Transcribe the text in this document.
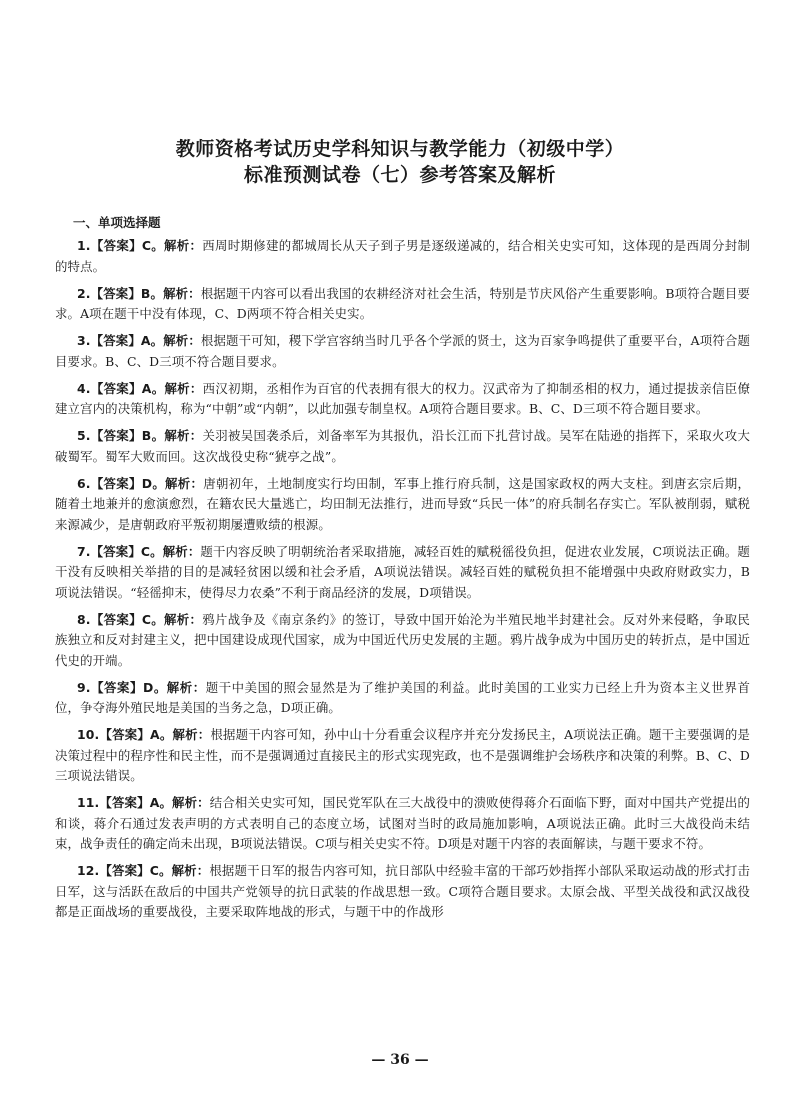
教师资格考试历史学科知识与教学能力（初级中学）
标准预测试卷（七）参考答案及解析
一、单项选择题

1.【答案】C。解析：西周时期修建的都城周长从天子到子男是逐级递减的，结合相关史实可知，这体现的是西周分封制的特点。

2.【答案】B。解析：根据题干内容可以看出我国的农耕经济对社会生活，特别是节庆风俗产生重要影响。B项符合题目要求。A项在题干中没有体现，C、D两项不符合相关史实。

3.【答案】A。解析：根据题干可知，稷下学宫容纳当时几乎各个学派的贤士，这为百家争鸣提供了重要平台，A项符合题目要求。B、C、D三项不符合题目要求。

4.【答案】A。解析：西汉初期，丞相作为百官的代表拥有很大的权力。汉武帝为了抑制丞相的权力，通过提拔亲信臣僚建立宫内的决策机构，称为“中朝”或“内朝”，以此加强专制皇权。A项符合题目要求。B、C、D三项不符合题目要求。

5.【答案】B。解析：关羽被吴国袭杀后，刘备率军为其报仇，沿长江而下扎营讨战。吴军在陆逊的指挥下，采取火攻大破蜀军。蜀军大败而回。这次战役史称“猇亭之战”。

6.【答案】D。解析：唐朝初年，土地制度实行均田制，军事上推行府兵制，这是国家政权的两大支柱。到唐玄宗后期，随着土地兼并的愈演愈烈，在籍农民大量逃亡，均田制无法推行，进而导致“兵民一体”的府兵制名存实亡。军队被削弱，赋税来源减少，是唐朝政府平叛初期屡遭败绩的根源。

7.【答案】C。解析：题干内容反映了明朝统治者采取措施，减轻百姓的赋税徭役负担，促进农业发展，C项说法正确。题干没有反映相关举措的目的是减轻贫困以缓和社会矛盾，A项说法错误。减轻百姓的赋税负担不能增强中央政府财政实力，B项说法错误。“轻徭抑末，使得尽力农桑”不利于商品经济的发展，D项错误。

8.【答案】C。解析：鸦片战争及《南京条约》的签订，导致中国开始沦为半殖民地半封建社会。反对外来侵略，争取民族独立和反对封建主义，把中国建设成现代国家，成为中国近代历史发展的主题。鸦片战争成为中国历史的转折点，是中国近代史的开端。

9.【答案】D。解析：题干中美国的照会显然是为了维护美国的利益。此时美国的工业实力已经上升为资本主义世界首位，争夺海外殖民地是美国的当务之急，D项正确。

10.【答案】A。解析：根据题干内容可知，孙中山十分看重会议程序并充分发扬民主，A项说法正确。题干主要强调的是决策过程中的程序性和民主性，而不是强调通过直接民主的形式实现宪政，也不是强调维护会场秩序和决策的利弊。B、C、D三项说法错误。

11.【答案】A。解析：结合相关史实可知，国民党军队在三大战役中的溃败使得蒋介石面临下野，面对中国共产党提出的和谈，蒋介石通过发表声明的方式表明自己的态度立场，试图对当时的政局施加影响，A项说法正确。此时三大战役尚未结束，战争责任的确定尚未出现，B项说法错误。C项与相关史实不符。D项是对题干内容的表面解读，与题干要求不符。

12.【答案】C。解析：根据题干日军的报告内容可知，抗日部队中经验丰富的干部巧妙指挥小部队采取运动战的形式打击日军，这与活跃在敌后的中国共产党领导的抗日武装的作战思想一致。C项符合题目要求。太原会战、平型关战役和武汉战役都是正面战场的重要战役，主要采取阵地战的形式，与题干中的作战形

— 36 —
